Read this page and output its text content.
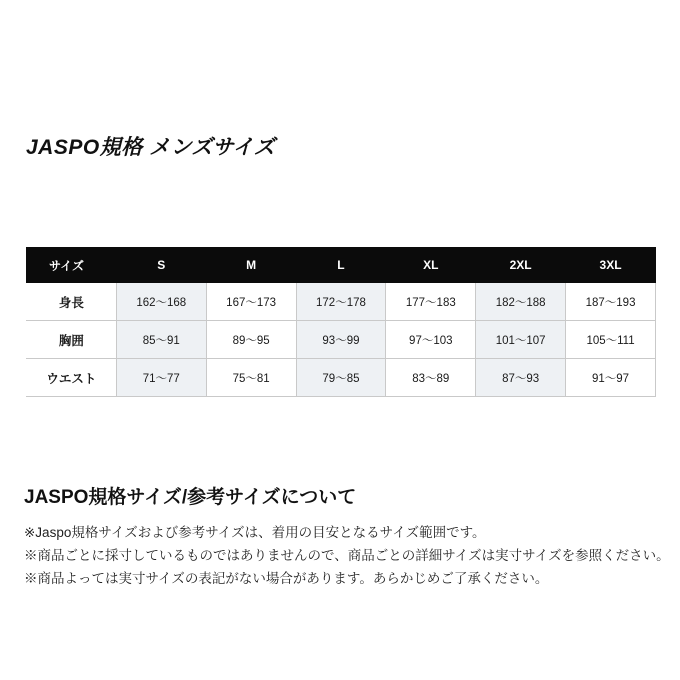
JASPO規格 メンズサイズ
サイズ	S	M	L	XL	2XL	3XL
身長	162〜168	167〜173	172〜178	177〜183	182〜188	187〜193
胸囲	85〜91	89〜95	93〜99	97〜103	101〜107	105〜111
ウエスト	71〜77	75〜81	79〜85	83〜89	87〜93	91〜97
JASPO規格サイズ/参考サイズについて
※Jaspo規格サイズおよび参考サイズは、着用の目安となるサイズ範囲です。
※商品ごとに採寸しているものではありませんので、商品ごとの詳細サイズは実寸サイズを参照ください。
※商品よっては実寸サイズの表記がない場合があります。あらかじめご了承ください。
